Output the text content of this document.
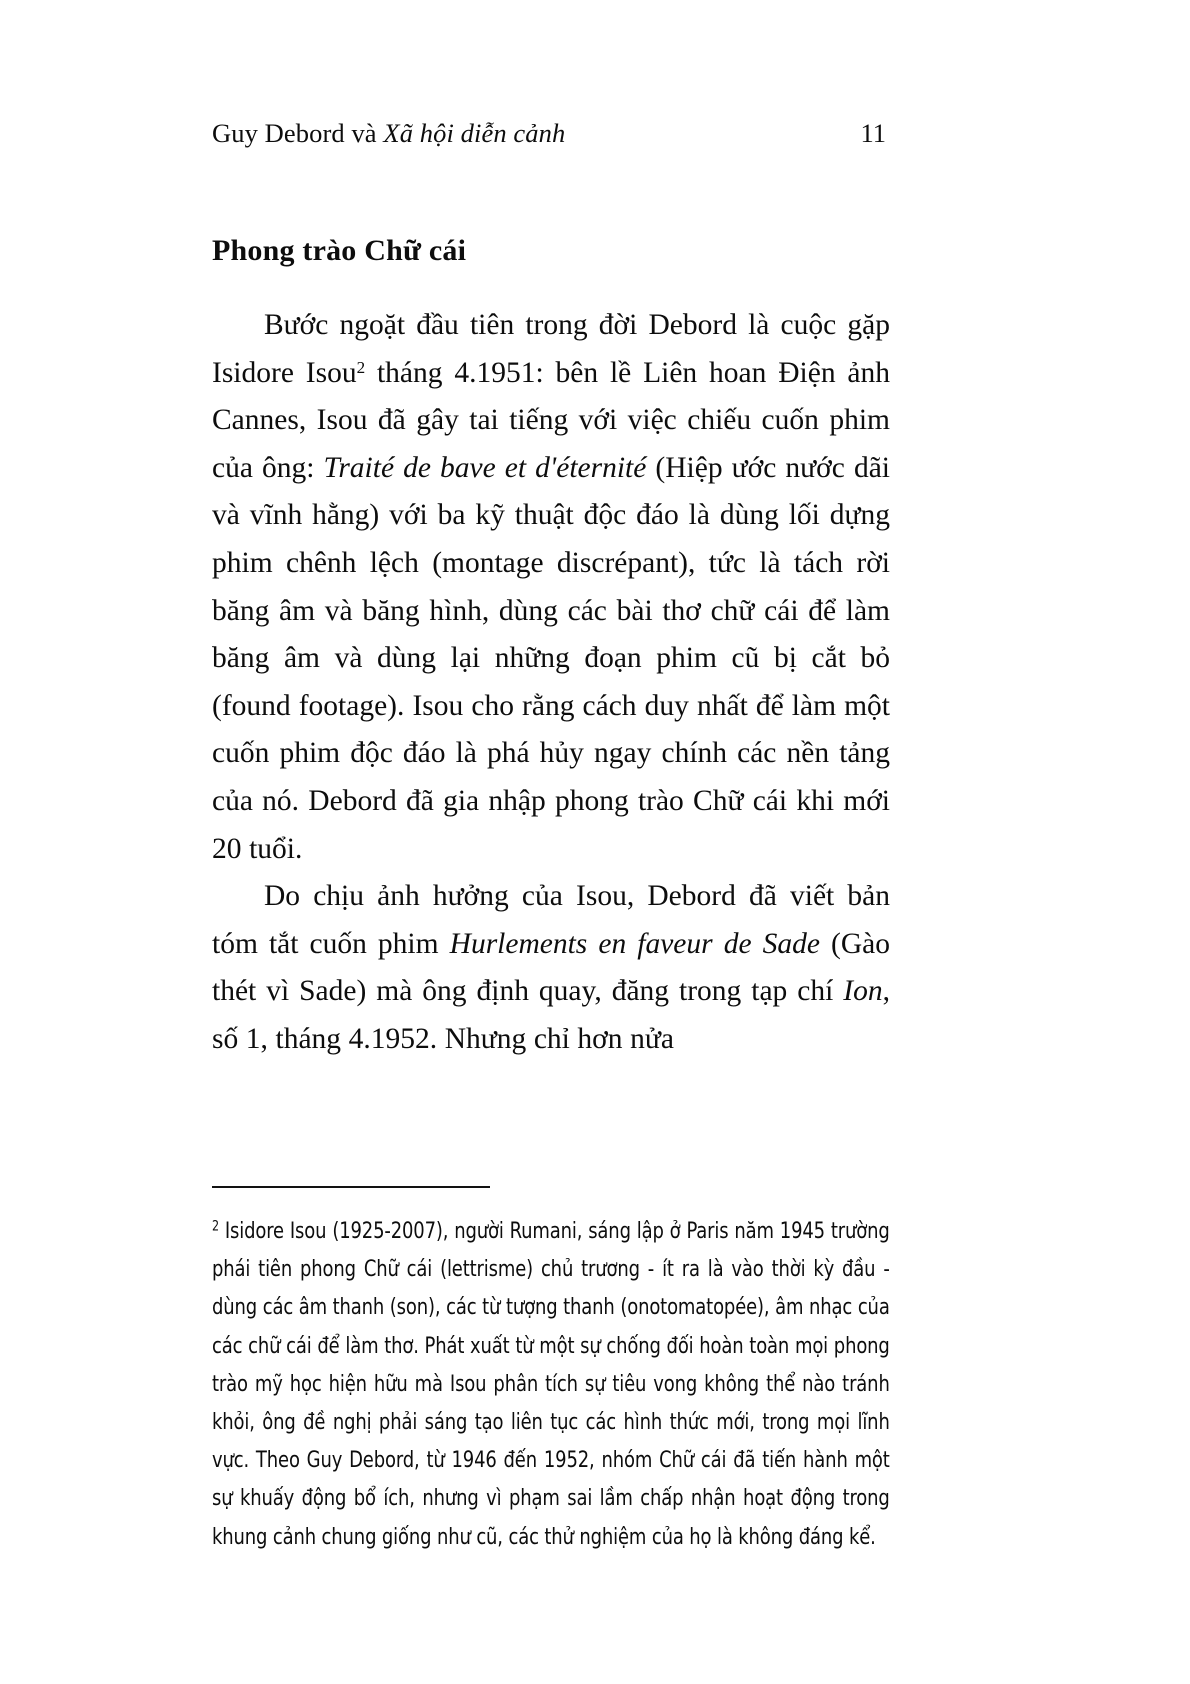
Guy Debord và Xã hội diễn cảnh	11
Phong trào Chữ cái

Bước ngoặt đầu tiên trong đời Debord là cuộc gặp Isidore Isou$^2$ tháng 4.1951: bên lề Liên hoan Điện ảnh Cannes, Isou đã gây tai tiếng với việc chiếu cuốn phim của ông: Traité de bave et d'éternité (Hiệp ước nước dãi và vĩnh hằng) với ba kỹ thuật độc đáo là dùng lối dựng phim chênh lệch (montage discrépant), tức là tách rời băng âm và băng hình, dùng các bài thơ chữ cái để làm băng âm và dùng lại những đoạn phim cũ bị cắt bỏ (found footage). Isou cho rằng cách duy nhất để làm một cuốn phim độc đáo là phá hủy ngay chính các nền tảng của nó. Debord đã gia nhập phong trào Chữ cái khi mới 20 tuổi.

Do chịu ảnh hưởng của Isou, Debord đã viết bản tóm tắt cuốn phim Hurlements en faveur de Sade (Gào thét vì Sade) mà ông định quay, đăng trong tạp chí Ion, số 1, tháng 4.1952. Nhưng chỉ hơn nửa

$^2$ Isidore Isou (1925-2007), người Rumani, sáng lập ở Paris năm 1945 trường phái tiên phong Chữ cái (lettrisme) chủ trương - ít ra là vào thời kỳ đầu - dùng các âm thanh (son), các từ tượng thanh (onotomatopée), âm nhạc của các chữ cái để làm thơ. Phát xuất từ một sự chống đối hoàn toàn mọi phong trào mỹ học hiện hữu mà Isou phân tích sự tiêu vong không thể nào tránh khỏi, ông đề nghị phải sáng tạo liên tục các hình thức mới, trong mọi lĩnh vực. Theo Guy Debord, từ 1946 đến 1952, nhóm Chữ cái đã tiến hành một sự khuấy động bổ ích, nhưng vì phạm sai lầm chấp nhận hoạt động trong khung cảnh chung giống như cũ, các thử nghiệm của họ là không đáng kể.
